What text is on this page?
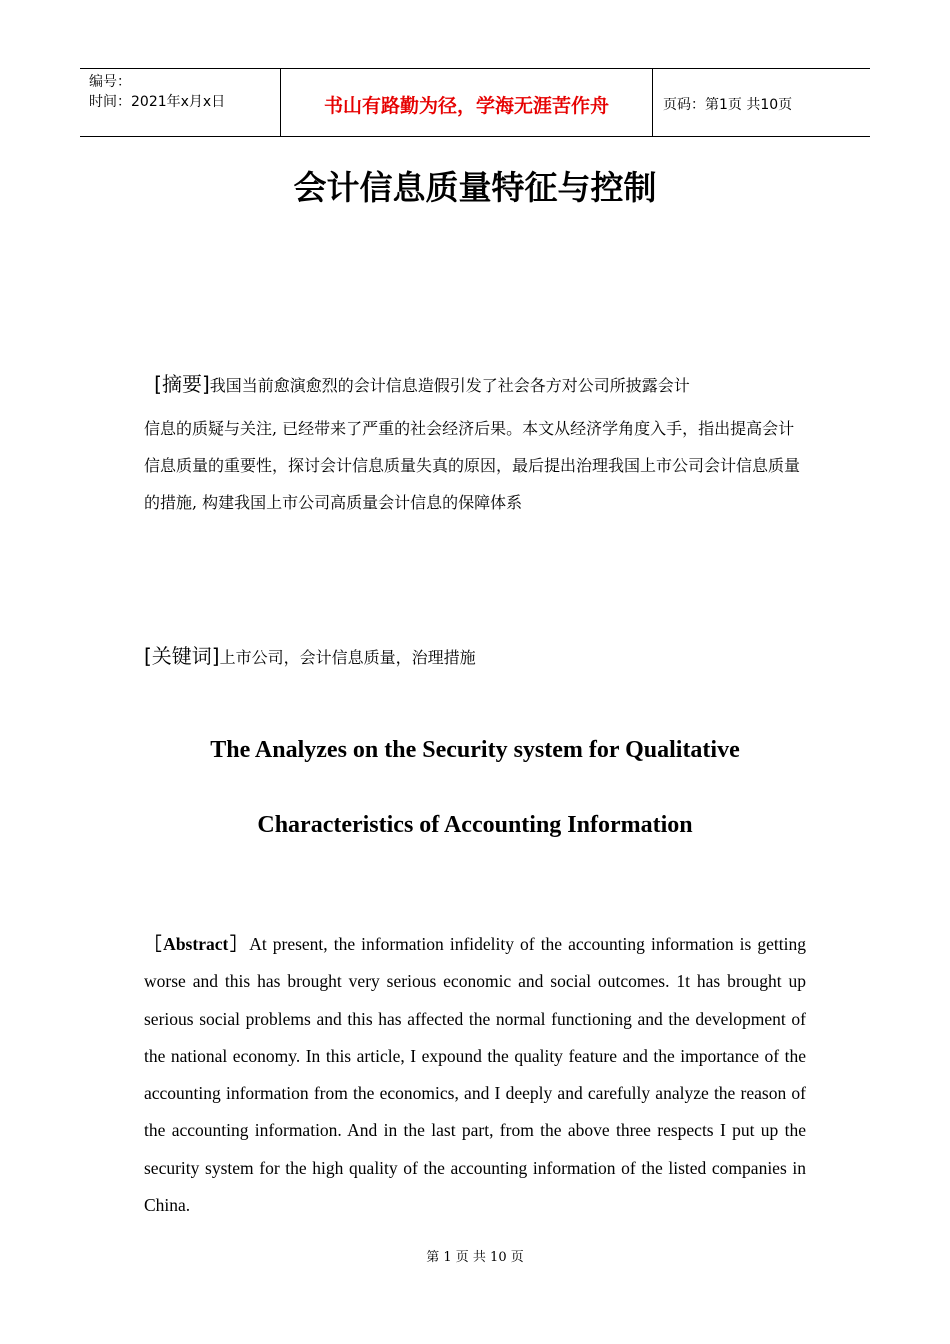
编号：
时间：2021年x月x日	书山有路勤为径，学海无涯苦作舟	页码：第1页 共10页
会计信息质量特征与控制
[摘要]我国当前愈演愈烈的会计信息造假引发了社会各方对公司所披露会计
信息的质疑与关注, 已经带来了严重的社会经济后果。本文从经济学角度入手，指出提高会计信息质量的重要性，探讨会计信息质量失真的原因，最后提出治理我国上市公司会计信息质量的措施, 构建我国上市公司高质量会计信息的保障体系
[关键词]上市公司，会计信息质量，治理措施
The Analyzes on the Security system for Qualitative
Characteristics of Accounting Information
［Abstract］At present, the information infidelity of the accounting information is getting worse and this has brought very serious economic and social outcomes. 1t has brought up serious social problems and this has affected the normal functioning and the development of the national economy. In this article, I expound the quality feature and the importance of the accounting information from the economics, and I deeply and carefully analyze the reason of the accounting information. And in the last part, from the above three respects I put up the security system for the high quality of the accounting information of the listed companies in China.
第 1 页 共 10 页
